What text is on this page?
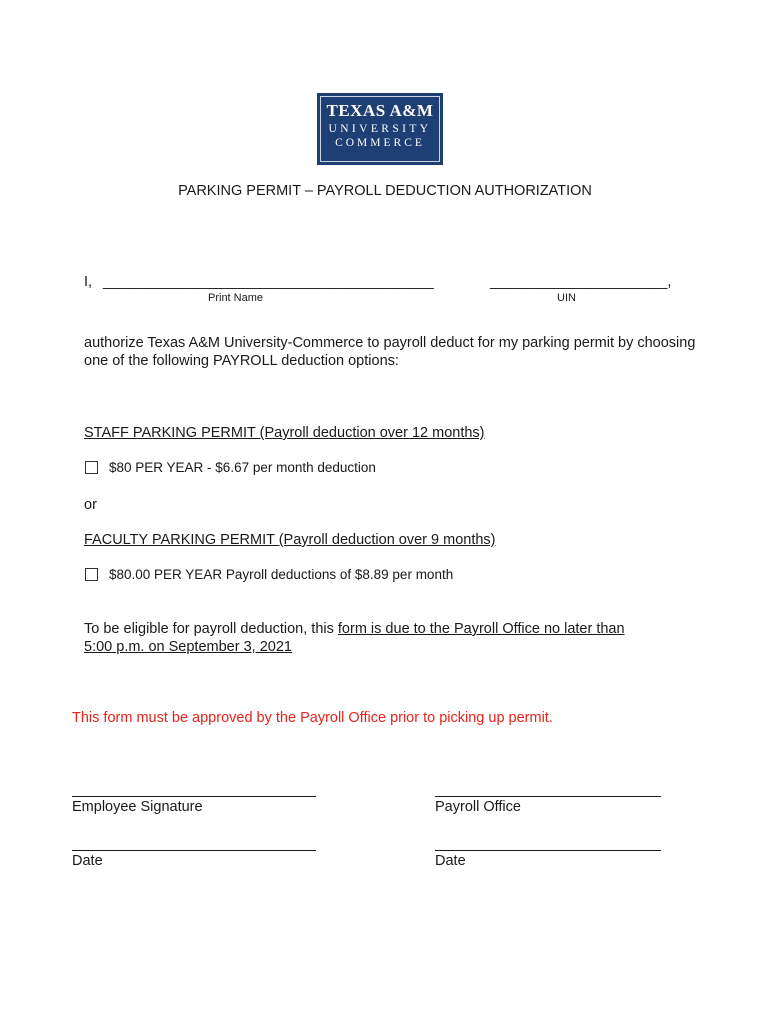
TEXAS A&M
UNIVERSITY
COMMERCE
PARKING PERMIT – PAYROLL DEDUCTION AUTHORIZATION
I, _________________________________________	______________________,
Print Name	UIN
authorize Texas A&M University-Commerce to payroll deduct for my parking permit by choosing
one of the following PAYROLL deduction options:
STAFF PARKING PERMIT (Payroll deduction over 12 months)
$80 PER YEAR - $6.67 per month deduction
or
FACULTY PARKING PERMIT (Payroll deduction over 9 months)
$80.00 PER YEAR Payroll deductions of $8.89 per month
To be eligible for payroll deduction, this form is due to the Payroll Office no later than
5:00 p.m. on September 3, 2021
This form must be approved by the Payroll Office prior to picking up permit.
Employee Signature	Payroll Office
Date	Date
